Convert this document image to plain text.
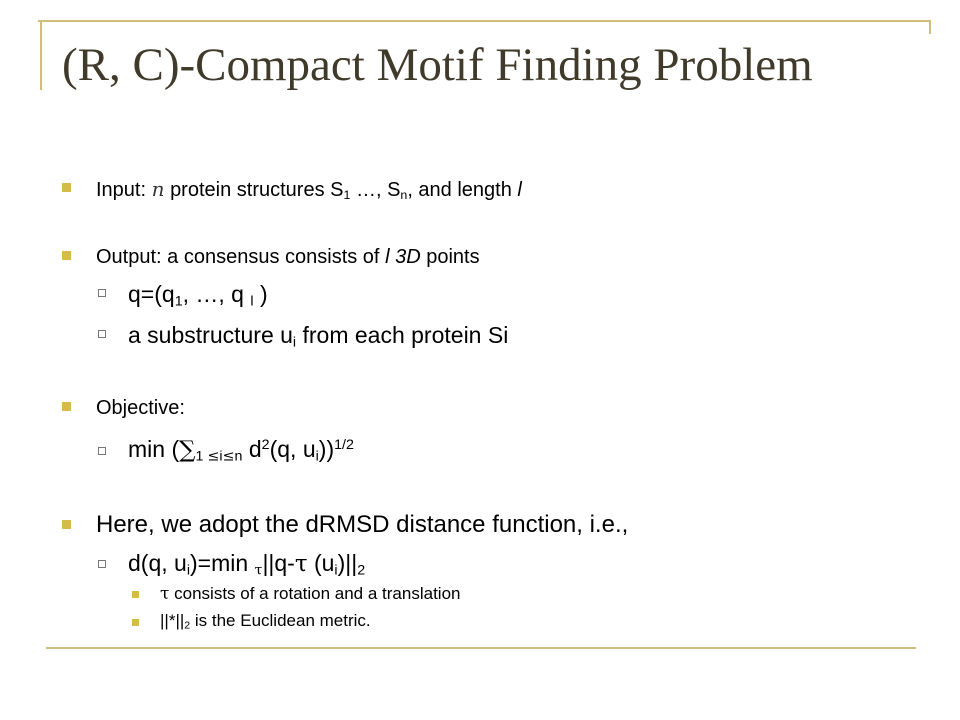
(R, C)-Compact Motif Finding Problem
Input: n protein structures $S_1$ …, $S_n$, and length l
Output: a consensus consists of l 3D points
$q=(q_1$, …, q $_l$ )
a substructure $u_i$ from each protein Si
Objective:
$\min (\sum_{1 \le i\le n}$ $d^2(q$, $u_i))^{1/2}$
Here, we adopt the dRMSD distance function, i.e.,
d(q, $u_i)=\min$ $_\tau$||q-τ $(u_i)||_2$
τ consists of a rotation and a translation
$||*||_2$ is the Euclidean metric.
